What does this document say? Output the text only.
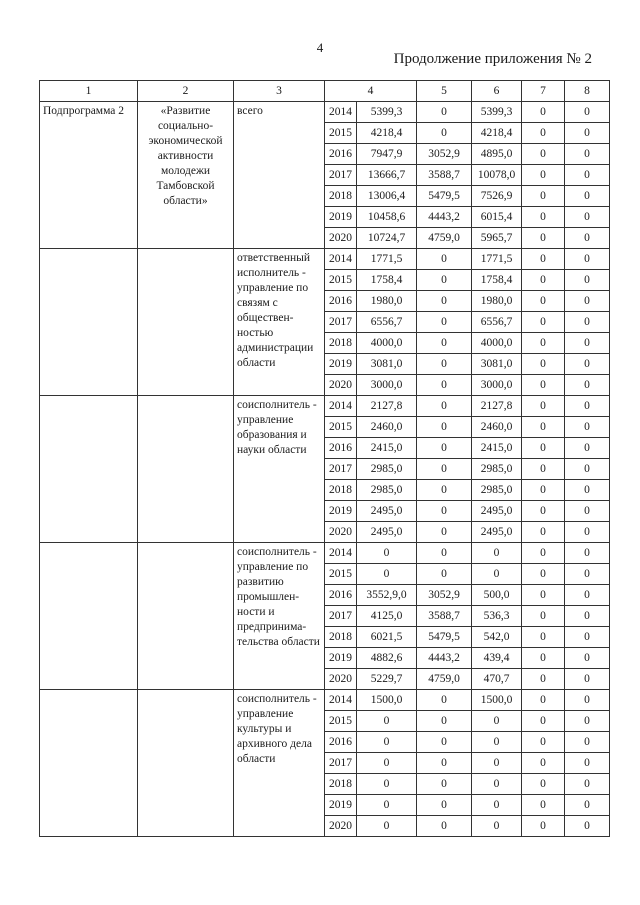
4
Продолжение приложения № 2
1	2	3	4		5	6	7	8
Подпрограмма 2	«Развитие социально-экономической активности молодежи Тамбовской области»	всего	2014	5399,3	0	5399,3	0	0
			2015	4218,4	0	4218,4	0	0
			2016	7947,9	3052,9	4895,0	0	0
			2017	13666,7	3588,7	10078,0	0	0
			2018	13006,4	5479,5	7526,9	0	0
			2019	10458,6	4443,2	6015,4	0	0
			2020	10724,7	4759,0	5965,7	0	0
		ответственный исполнитель - управление по связям с обществен-ностью администрации области	2014	1771,5	0	1771,5	0	0
			2015	1758,4	0	1758,4	0	0
			2016	1980,0	0	1980,0	0	0
			2017	6556,7	0	6556,7	0	0
			2018	4000,0	0	4000,0	0	0
			2019	3081,0	0	3081,0	0	0
			2020	3000,0	0	3000,0	0	0
		соисполнитель - управление образования и науки области	2014	2127,8	0	2127,8	0	0
			2015	2460,0	0	2460,0	0	0
			2016	2415,0	0	2415,0	0	0
			2017	2985,0	0	2985,0	0	0
			2018	2985,0	0	2985,0	0	0
			2019	2495,0	0	2495,0	0	0
			2020	2495,0	0	2495,0	0	0
		соисполнитель - управление по развитию промышлен-ности и предпринима-тельства области	2014	0	0	0	0	0
			2015	0	0	0	0	0
			2016	3552,9,0	3052,9	500,0	0	0
			2017	4125,0	3588,7	536,3	0	0
			2018	6021,5	5479,5	542,0	0	0
			2019	4882,6	4443,2	439,4	0	0
			2020	5229,7	4759,0	470,7	0	0
		соисполнитель - управление культуры и архивного дела области	2014	1500,0	0	1500,0	0	0
			2015	0	0	0	0	0
			2016	0	0	0	0	0
			2017	0	0	0	0	0
			2018	0	0	0	0	0
			2019	0	0	0	0	0
			2020	0	0	0	0	0
